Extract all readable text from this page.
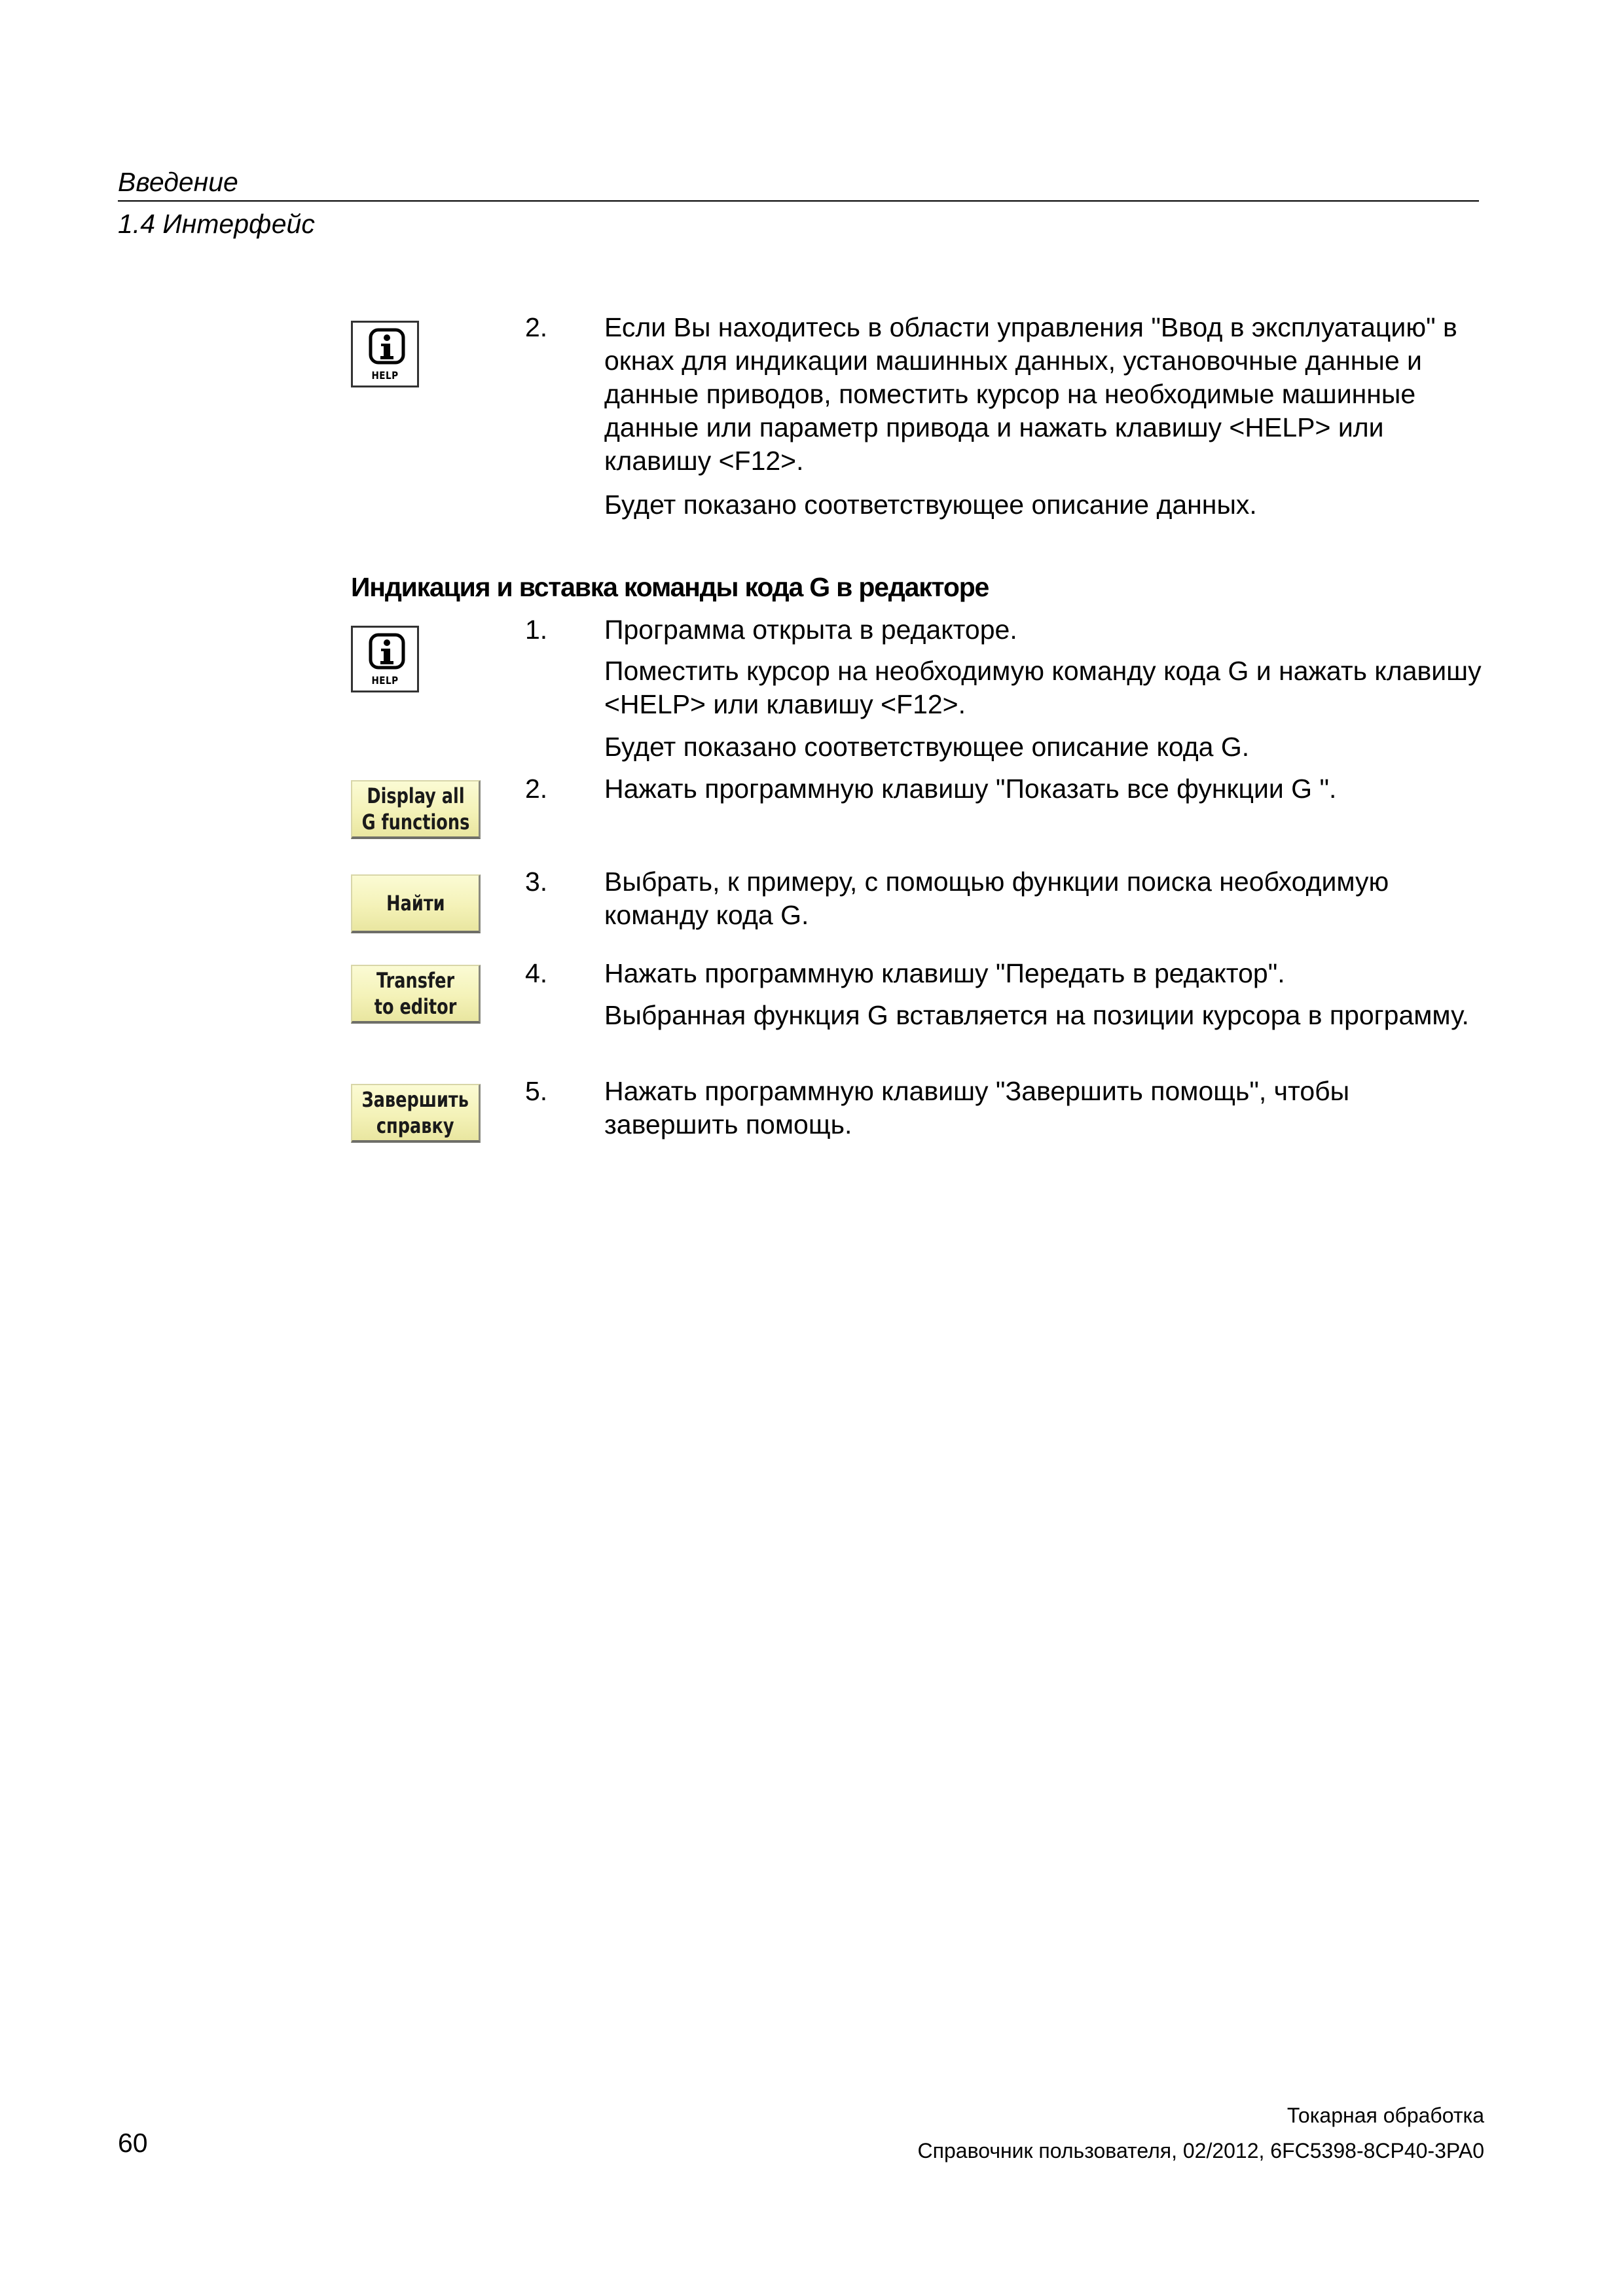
Введение
1.4 Интерфейс
HELP
2. Если Вы находитесь в области управления "Ввод в эксплуатацию" в окнах для индикации машинных данных, установочные данные и данные приводов, поместить курсор на необходимые машинные данные или параметр привода и нажать клавишу <HELP> или клавишу <F12>.
Будет показано соответствующее описание данных.
Индикация и вставка команды кода G в редакторе
HELP
1. Программа открыта в редакторе.
Поместить курсор на необходимую команду кода G и нажать клавишу <HELP> или клавишу <F12>.
Будет показано соответствующее описание кода G.
Display all
G functions
2. Нажать программную клавишу "Показать все функции G ".
Найти
3. Выбрать, к примеру, с помощью функции поиска необходимую команду кода G.
Transfer
to editor
4. Нажать программную клавишу "Передать в редактор".
Выбранная функция G вставляется на позиции курсора в программу.
Завершить
справку
5. Нажать программную клавишу "Завершить помощь", чтобы завершить помощь.
Токарная обработка
Справочник пользователя, 02/2012, 6FC5398-8CP40-3PA0
60
